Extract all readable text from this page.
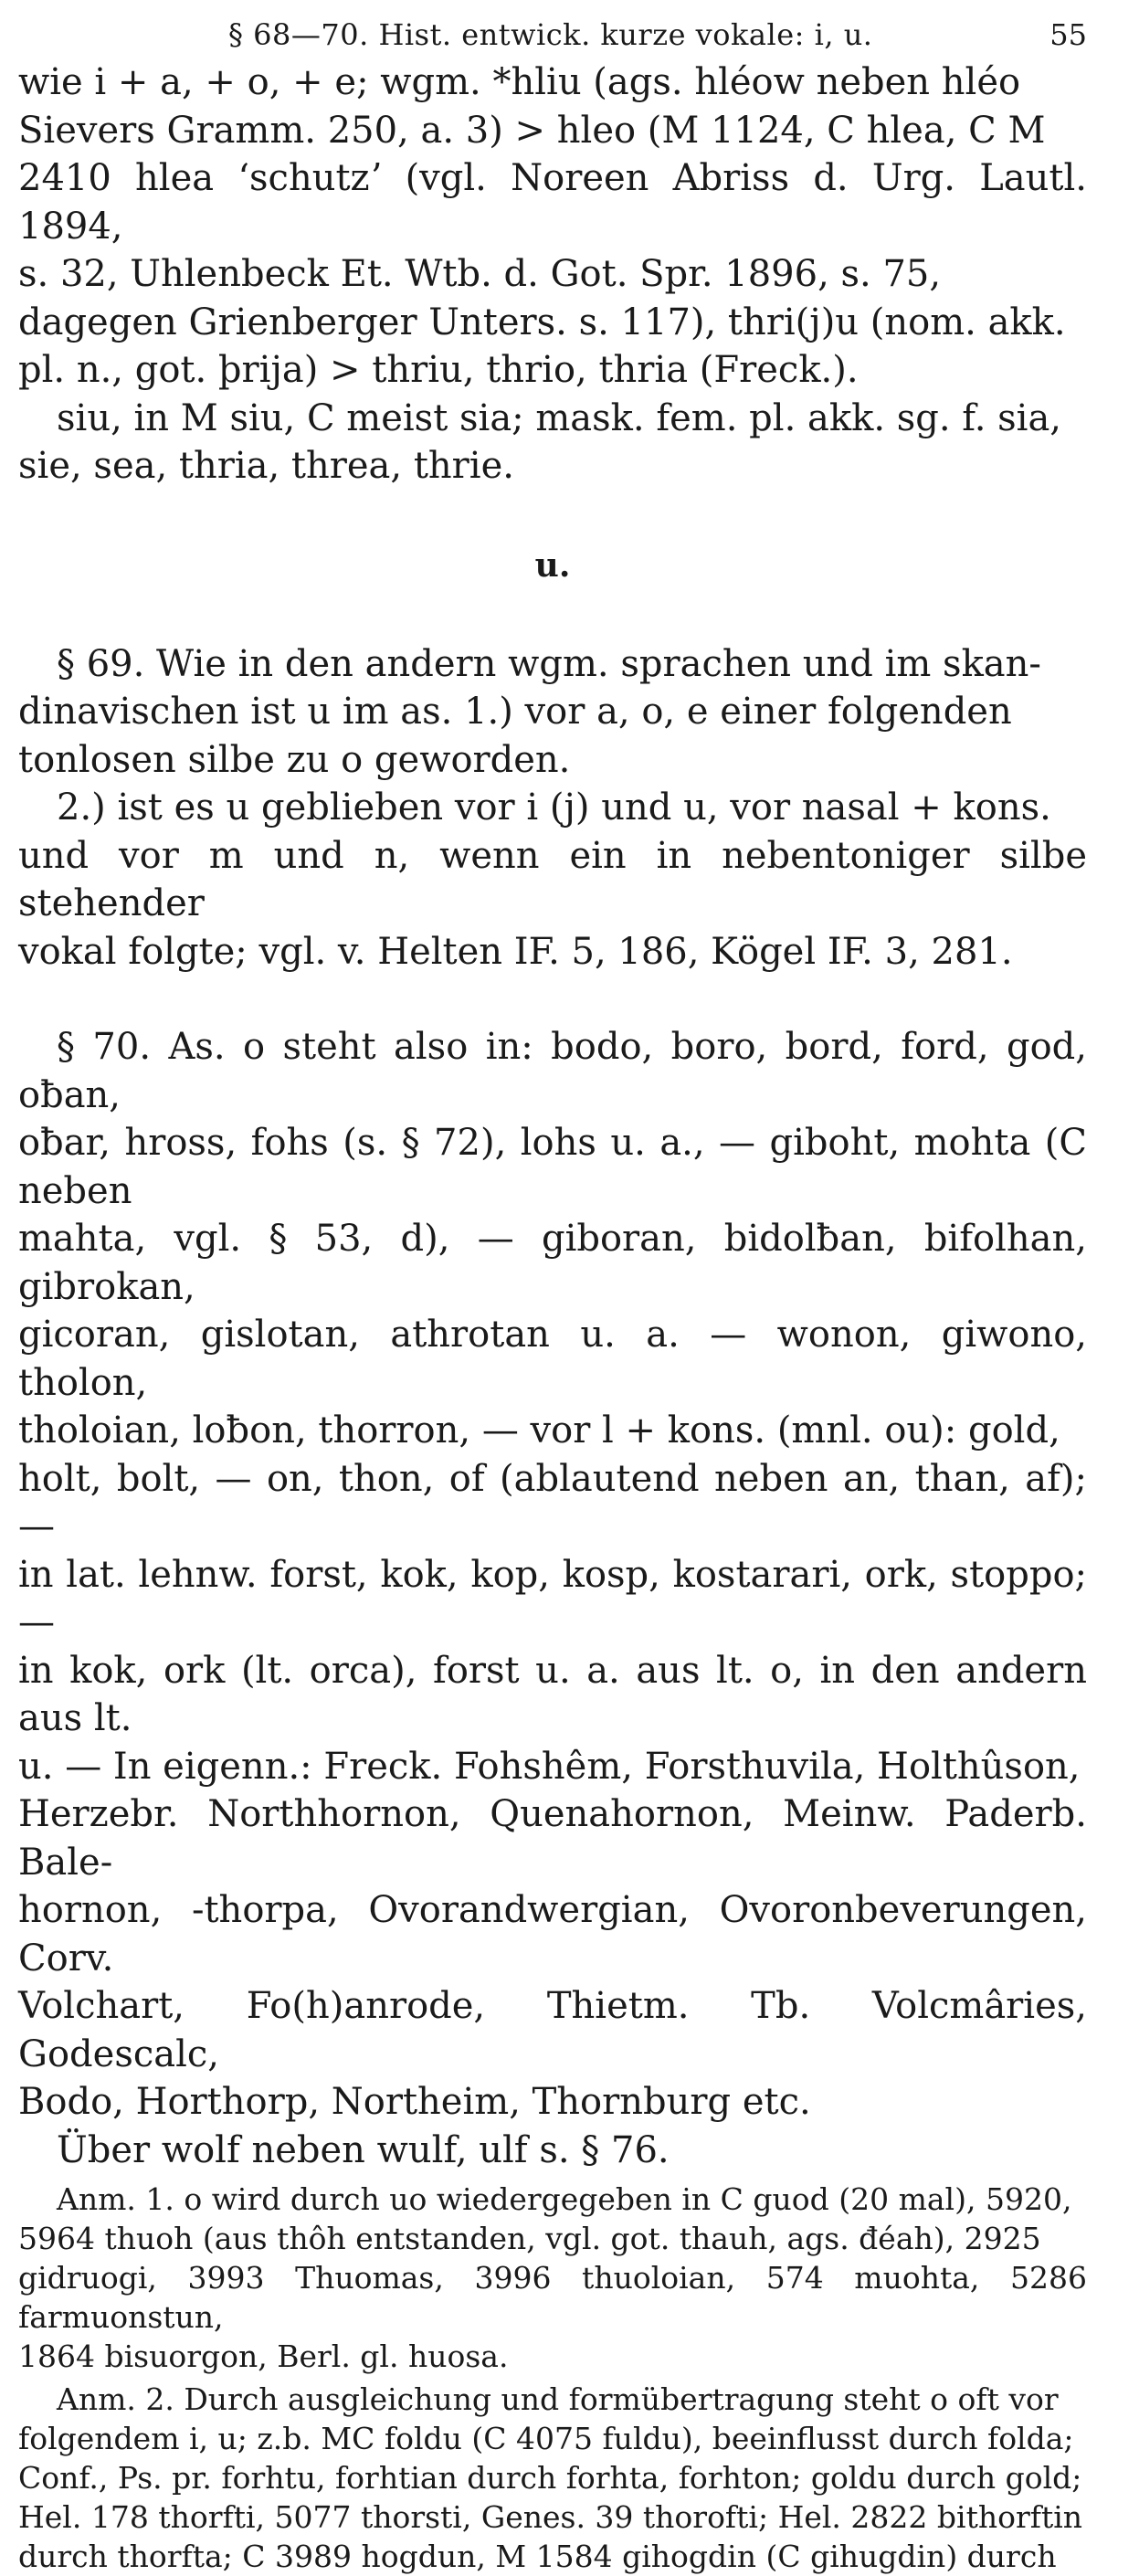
§ 68—70. Hist. entwick. kurze vokale: i, u.	55

wie i + a, + o, + e; wgm. *hliu (ags. hléow neben hléo

Sievers Gramm. 250, a. 3) > hleo (M 1124, C hlea, C M

2410 hlea ʻschutzʼ (vgl. Noreen Abriss d. Urg. Lautl. 1894,

s. 32, Uhlenbeck Et. Wtb. d. Got. Spr. 1896, s. 75,

dagegen Grienberger Unters. s. 117), thri(j)u (nom. akk.

pl. n., got. þrija) > thriu, thrio, thria (Freck.).

siu, in M siu, C meist sia; mask. fem. pl. akk. sg. f. sia,

sie, sea, thria, threa, thrie.

u.

§ 69. Wie in den andern wgm. sprachen und im skan-

dinavischen ist u im as. 1.) vor a, o, e einer folgenden

tonlosen silbe zu o geworden.

2.) ist es u geblieben vor i (j) und u, vor nasal + kons.

und vor m und n, wenn ein in nebentoniger silbe stehender

vokal folgte; vgl. v. Helten IF. 5, 186, Kögel IF. 3, 281.

§ 70. As. o steht also in: bodo, boro, bord, ford, god, oƀan,

oƀar, hross, fohs (s. § 72), lohs u. a., — giboht, mohta (C neben

mahta, vgl. § 53, d), — giboran, bidolƀan, bifolhan, gibrokan,

gicoran, gislotan, athrotan u. a. — wonon, giwono, tholon,

tholoian, loƀon, thorron, — vor l + kons. (mnl. ou): gold,

holt, bolt, — on, thon, of (ablautend neben an, than, af); —

in lat. lehnw. forst, kok, kop, kosp, kostarari, ork, stoppo; —

in kok, ork (lt. orca), forst u. a. aus lt. o, in den andern aus lt.

u. — In eigenn.: Freck. Fohshêm, Forsthuvila, Holthûson,

Herzebr. Northhornon, Quenahornon, Meinw. Paderb. Bale-

hornon, -thorpa, Ovorandwergian, Ovoronbeverungen, Corv.

Volchart, Fo(h)anrode, Thietm. Tb. Volcmâries, Godescalc,

Bodo, Horthorp, Northeim, Thornburg etc.

Über wolf neben wulf, ulf s. § 76.

Anm. 1. o wird durch uo wiedergegeben in C guod (20 mal), 5920,

5964 thuoh (aus thôh entstanden, vgl. got. thauh, ags. đéah), 2925

gidruogi, 3993 Thuomas, 3996 thuoloian, 574 muohta, 5286 farmuonstun,

1864 bisuorgon, Berl. gl. huosa.

Anm. 2. Durch ausgleichung und formübertragung steht o oft vor

folgendem i, u; z.b. MC foldu (C 4075 fuldu), beeinflusst durch folda;

Conf., Ps. pr. forhtu, forhtian durch forhta, forhton; goldu durch gold;

Hel. 178 thorfti, 5077 thorsti, Genes. 39 thorofti; Hel. 2822 bithorftin

durch thorfta; C 3989 hogdun, M 1584 gihogdin (C gihugdin) durch
